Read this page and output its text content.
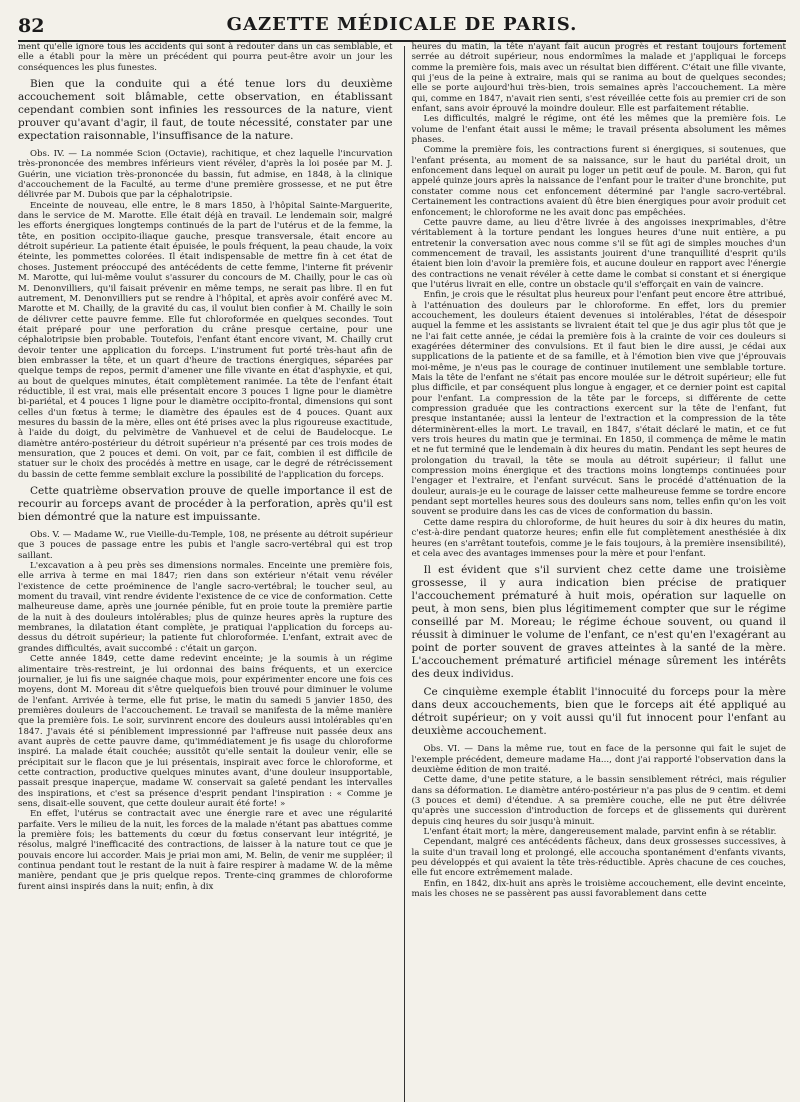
82	GAZETTE MÉDICALE DE PARIS.

ment qu'elle ignore tous les accidents qui sont à redouter dans un cas semblable, et elle a établi pour la mère un précédent qui pourra peut-être avoir un jour les conséquences les plus funestes.

Bien que la conduite qui a été tenue lors du deuxième accouchement soit blâmable, cette observation, en établissant cependant combien sont infinies les ressources de la nature, vient prouver qu'avant d'agir, il faut, de toute nécessité, constater par une expectation raisonnable, l'insuffisance de la nature.

Obs. IV. — La nommée Scion (Octavie), rachitique, et chez laquelle l'incurvation très-prononcée des membres inférieurs vient révéler, d'après la loi posée par M. J. Guérin, une viciation très-prononcée du bassin, fut admise, en 1848, à la clinique d'accouchement de la Faculté, au terme d'une première grossesse, et ne put être délivrée par M. Dubois que par la céphalotripsie.

Enceinte de nouveau, elle entre, le 8 mars 1850, à l'hôpital Sainte-Marguerite, dans le service de M. Marotte. Elle était déjà en travail. Le lendemain soir, malgré les efforts énergiques longtemps continués de la part de l'utérus et de la femme, la tête, en position occipito-iliaque gauche, presque transversale, était encore au détroit supérieur. La patiente était épuisée, le pouls fréquent, la peau chaude, la voix éteinte, les pommettes colorées. Il était indispensable de mettre fin à cet état de choses. Justement préoccupé des antécédents de cette femme, l'interne fit prévenir M. Marotte, qui lui-même voulut s'assurer du concours de M. Chailly, pour le cas où M. Denonvilliers, qu'il faisait prévenir en même temps, ne serait pas libre. Il en fut autrement, M. Denonvilliers put se rendre à l'hôpital, et après avoir conféré avec M. Marotte et M. Chailly, de la gravité du cas, il voulut bien confier à M. Chailly le soin de délivrer cette pauvre femme. Elle fut chloroformée en quelques secondes. Tout était préparé pour une perforation du crâne presque certaine, pour une céphalotripsie bien probable. Toutefois, l'enfant étant encore vivant, M. Chailly crut devoir tenter une application du forceps. L'instrument fut porté très-haut afin de bien embrasser la tête, et un quart d'heure de tractions énergiques, séparées par quelque temps de repos, permit d'amener une fille vivante en état d'asphyxie, et qui, au bout de quelques minutes, était complètement ranimée. La tête de l'enfant était réductible, il est vrai, mais elle présentait encore 3 pouces 1 ligne pour le diamètre bi-pariétal, et 4 pouces 1 ligne pour le diamètre occipito-frontal, dimensions qui sont celles d'un fœtus à terme; le diamètre des épaules est de 4 pouces. Quant aux mesures du bassin de la mère, elles ont été prises avec la plus rigoureuse exactitude, à l'aide du doigt, du pelvimètre de Vanhuevel et de celui de Baudelocque. Le diamètre antéro-postérieur du détroit supérieur n'a présenté par ces trois modes de mensuration, que 2 pouces et demi. On voit, par ce fait, combien il est difficile de statuer sur le choix des procédés à mettre en usage, car le degré de rétrécissement du bassin de cette femme semblait exclure la possibilité de l'application du forceps.

Cette quatrième observation prouve de quelle importance il est de recourir au forceps avant de procéder à la perforation, après qu'il est bien démontré que la nature est impuissante.

Obs. V. — Madame W., rue Vieille-du-Temple, 108, ne présente au détroit supérieur que 3 pouces de passage entre les pubis et l'angle sacro-vertébral qui est trop saillant.

L'excavation a à peu près ses dimensions normales. Enceinte une première fois, elle arriva à terme en mai 1847; rien dans son extérieur n'était venu révéler l'existence de cette proéminence de l'angle sacro-vertébral; le toucher seul, au moment du travail, vint rendre évidente l'existence de ce vice de conformation. Cette malheureuse dame, après une journée pénible, fut en proie toute la première partie de la nuit à des douleurs intolérables; plus de quinze heures après la rupture des membranes, la dilatation étant complète, je pratiquai l'application du forceps au-dessus du détroit supérieur; la patiente fut chloroformée. L'enfant, extrait avec de grandes difficultés, avait succombé : c'était un garçon.

Cette année 1849, cette dame redevint enceinte; je la soumis à un régime alimentaire très-restreint, je lui ordonnai des bains fréquents, et un exercice journalier, je lui fis une saignée chaque mois, pour expérimenter encore une fois ces moyens, dont M. Moreau dit s'être quelquefois bien trouvé pour diminuer le volume de l'enfant. Arrivée à terme, elle fut prise, le matin du samedi 5 janvier 1850, des premières douleurs de l'accouchement. Le travail se manifesta de la même manière que la première fois. Le soir, survinrent encore des douleurs aussi intolérables qu'en 1847. J'avais été si péniblement impressionné par l'affreuse nuit passée deux ans avant auprès de cette pauvre dame, qu'immédiatement je fis usage du chloroforme inspiré. La malade était couchée; aussitôt qu'elle sentait la douleur venir, elle se précipitait sur le flacon que je lui présentais, inspirait avec force le chloroforme, et cette contraction, productive quelques minutes avant, d'une douleur insupportable, passait presque inaperçue, madame W. conservait sa gaîeté pendant les intervalles des inspirations, et c'est sa présence d'esprit pendant l'inspiration : « Comme je sens, disait-elle souvent, que cette douleur aurait été forte! »

En effet, l'utérus se contractait avec une énergie rare et avec une régularité parfaite. Vers le milieu de la nuit, les forces de la malade n'étant pas abattues comme la première fois; les battements du cœur du fœtus conservant leur intégrité, je résolus, malgré l'inefficacité des contractions, de laisser à la nature tout ce que je pouvais encore lui accorder. Mais je priai mon ami, M. Belin, de venir me suppléer; il continua pendant tout le restant de la nuit à faire respirer à madame W. de la même manière, pendant que je pris quelque repos. Trente-cinq grammes de chloroforme furent ainsi inspirés dans la nuit; enfin, à dix

heures du matin, la tête n'ayant fait aucun progrès et restant toujours fortement serrée au détroit supérieur, nous endormîmes la malade et j'appliquai le forceps comme la première fois, mais avec un résultat bien différent. C'était une fille vivante, qui j'eus de la peine à extraire, mais qui se ranima au bout de quelques secondes; elle se porte aujourd'hui très-bien, trois semaines après l'accouchement. La mère qui, comme en 1847, n'avait rien senti, s'est réveillée cette fois au premier cri de son enfant, sans avoir éprouvé la moindre douleur. Elle est parfaitement rétablie.

Les difficultés, malgré le régime, ont été les mêmes que la première fois. Le volume de l'enfant était aussi le même; le travail présenta absolument les mêmes phases.

Comme la première fois, les contractions furent si énergiques, si soutenues, que l'enfant présenta, au moment de sa naissance, sur le haut du pariétal droit, un enfoncement dans lequel on aurait pu loger un petit œuf de poule. M. Baron, qui fut appelé quinze jours après la naissance de l'enfant pour le traiter d'une bronchite, put constater comme nous cet enfoncement déterminé par l'angle sacro-vertébral. Certainement les contractions avaient dû être bien énergiques pour avoir produit cet enfoncement; le chloroforme ne les avait donc pas empêchées.

Cette pauvre dame, au lieu d'être livrée à des angoisses inexprimables, d'être véritablement à la torture pendant les longues heures d'une nuit entière, a pu entretenir la conversation avec nous comme s'il se fût agi de simples mouches d'un commencement de travail, les assistants jouirent d'une tranquillité d'esprit qu'ils étaient bien loin d'avoir la première fois, et aucune douleur en rapport avec l'énergie des contractions ne venait révéler à cette dame le combat si constant et si énergique que l'utérus livrait en elle, contre un obstacle qu'il s'efforçait en vain de vaincre.

Enfin, je crois que le résultat plus heureux pour l'enfant peut encore être attribué, à l'atténuation des douleurs par le chloroforme. En effet, lors du premier accouchement, les douleurs étaient devenues si intolérables, l'état de désespoir auquel la femme et les assistants se livraient était tel que je dus agir plus tôt que je ne l'ai fait cette année, je cédai la première fois à la crainte de voir ces douleurs si exagérées déterminer des convulsions. Et il faut bien le dire aussi, je cédai aux supplications de la patiente et de sa famille, et à l'émotion bien vive que j'éprouvais moi-même, je n'eus pas le courage de continuer inutilement une semblable torture. Mais la tête de l'enfant ne s'était pas encore moulée sur le détroit supérieur; elle fut plus difficile, et par conséquent plus longue à engager, et ce dernier point est capital pour l'enfant. La compression de la tête par le forceps, si différente de cette compression graduée que les contractions exercent sur la tête de l'enfant, fut presque instantanée; aussi la lenteur de l'extraction et la compression de la tête déterminèrent-elles la mort. Le travail, en 1847, s'était déclaré le matin, et ce fut vers trois heures du matin que je terminai. En 1850, il commença de même le matin et ne fut terminé que le lendemain à dix heures du matin. Pendant les sept heures de prolongation du travail, la tête se moula au détroit supérieur; il fallut une compression moins énergique et des tractions moins longtemps continuées pour l'engager et l'extraire, et l'enfant survécut. Sans le procédé d'atténuation de la douleur, aurais-je eu le courage de laisser cette malheureuse femme se tordre encore pendant sept mortelles heures sous des douleurs sans nom, telles enfin qu'on les voit souvent se produire dans les cas de vices de conformation du bassin.

Cette dame respira du chloroforme, de huit heures du soir à dix heures du matin, c'est-à-dire pendant quatorze heures; enfin elle fut complètement anesthésiée à dix heures (en s'arrêtant toutefois, comme je le fais toujours, à la première insensibilité), et cela avec des avantages immenses pour la mère et pour l'enfant.

Il est évident que s'il survient chez cette dame une troisième grossesse, il y aura indication bien précise de pratiquer l'accouchement prématuré à huit mois, opération sur laquelle on peut, à mon sens, bien plus légitimement compter que sur le régime conseillé par M. Moreau; le régime échoue souvent, ou quand il réussit à diminuer le volume de l'enfant, ce n'est qu'en l'exagérant au point de porter souvent de graves atteintes à la santé de la mère. L'accouchement prématuré artificiel ménage sûrement les intérêts des deux individus.

Ce cinquième exemple établit l'innocuité du forceps pour la mère dans deux accouchements, bien que le forceps ait été appliqué au détroit supérieur; on y voit aussi qu'il fut innocent pour l'enfant au deuxième accouchement.

Obs. VI. — Dans la même rue, tout en face de la personne qui fait le sujet de l'exemple précédent, demeure madame Ha..., dont j'ai rapporté l'observation dans la deuxième édition de mon traité.

Cette dame, d'une petite stature, a le bassin sensiblement rétréci, mais régulier dans sa déformation. Le diamètre antéro-postérieur n'a pas plus de 9 centim. et demi (3 pouces et demi) d'étendue. A sa première couche, elle ne put être délivrée qu'après une succession d'introduction de forceps et de glissements qui durèrent depuis cinq heures du soir jusqu'à minuit.

L'enfant était mort; la mère, dangereusement malade, parvint enfin à se rétablir.

Cependant, malgré ces antécédents fâcheux, dans deux grossesses successives, à la suite d'un travail long et prolongé, elle accoucha spontanément d'enfants vivants, peu développés et qui avaient la tête très-réductible. Après chacune de ces couches, elle fut encore extrêmement malade.

Enfin, en 1842, dix-huit ans après le troisième accouchement, elle devint enceinte, mais les choses ne se passèrent pas aussi favorablement dans cette
